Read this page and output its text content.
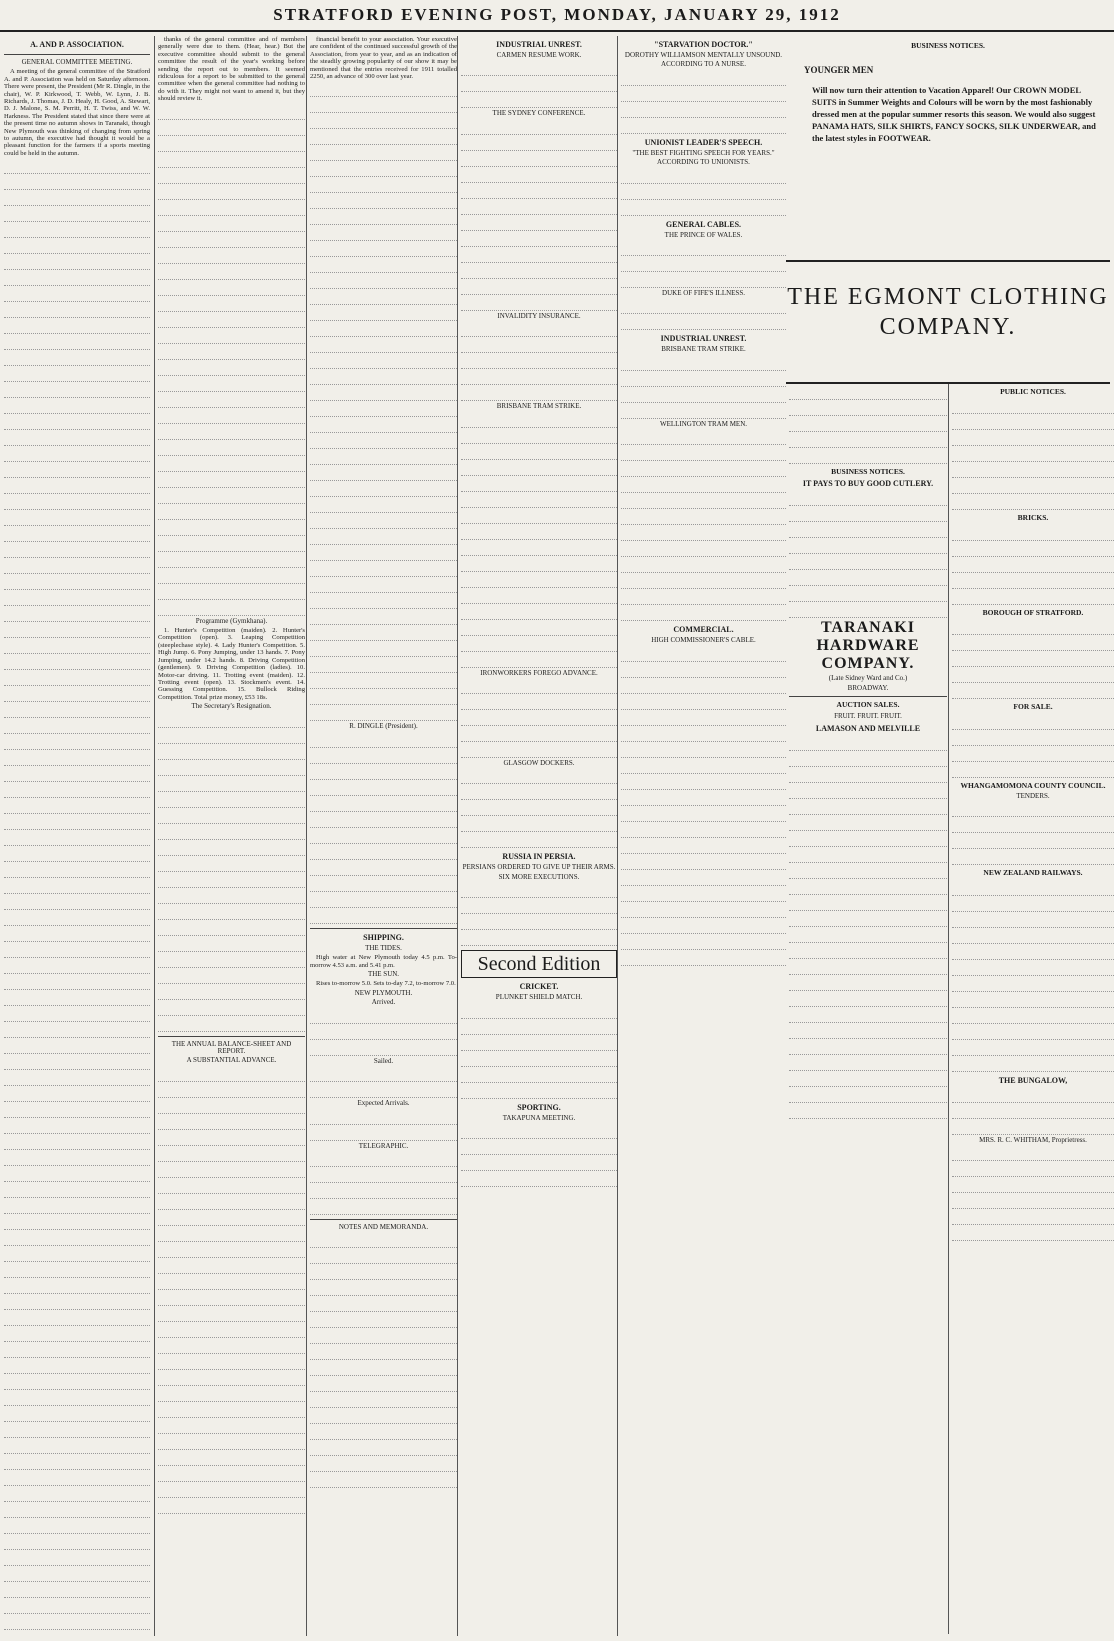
STRATFORD EVENING POST, MONDAY, JANUARY 29, 1912
A. AND P. ASSOCIATION.
GENERAL COMMITTEE MEETING.

A meeting of the general committee of the Stratford A. and P. Association was held on Saturday afternoon. There were present, the President (Mr R. Dingle, in the chair), W. P. Kirkwood, T. Webb, W. Lynn, J. B. Richards, J. Thomas, J. D. Healy, H. Good, A. Stewart, D. J. Malone, S. M. Perritt, H. T. Twiss, and W. W. Harkness. The President stated that since there were at the present time no autumn shows in Taranaki, though New Plymouth was thinking of changing from spring to autumn, the executive had thought it would be a pleasant function for the farmers if a sports meeting could be held in the autumn.

thanks of the general committee and of members generally were due to them. (Hear, hear.) But the executive committee should submit to the general committee the result of the year's working before sending the report out to members. It seemed ridiculous for a report to be submitted to the general committee when the general committee had nothing to do with it. They might not want to amend it, but they should review it.

Programme (Gymkhana).

1. Hunter's Competition (maiden). 2. Hunter's Competition (open). 3. Leaping Competition (steeplechase style). 4. Lady Hunter's Competition. 5. High Jump. 6. Pony Jumping, under 13 hands. 7. Pony Jumping, under 14.2 hands. 8. Driving Competition (gentlemen). 9. Driving Competition (ladies). 10. Motor-car driving. 11. Trotting event (maiden). 12. Trotting event (open). 13. Stockmen's event. 14. Guessing Competition. 15. Bullock Riding Competition. Total prize money, £53 18s.

The Secretary's Resignation.
THE ANNUAL BALANCE-SHEET AND REPORT.
A SUBSTANTIAL ADVANCE.

financial benefit to your association. Your executive are confident of the continued successful growth of the Association, from year to year, and as an indication of the steadily growing popularity of our show it may be mentioned that the entries received for 1911 totalled 2250, an advance of 300 over last year.

R. DINGLE (President).
SHIPPING.
THE TIDES.

High water at New Plymouth today 4.5 p.m. To-morrow 4.53 a.m. and 5.41 p.m.

THE SUN.

Rises to-morrow 5.0. Sets to-day 7.2, to-morrow 7.0.

NEW PLYMOUTH.
Arrived.
Sailed.
Expected Arrivals.
TELEGRAPHIC.
NOTES AND MEMORANDA.
INDUSTRIAL UNREST.
CARMEN RESUME WORK.
THE SYDNEY CONFERENCE.
INVALIDITY INSURANCE.
BRISBANE TRAM STRIKE.
IRONWORKERS FOREGO ADVANCE.
GLASGOW DOCKERS.
RUSSIA IN PERSIA.
PERSIANS ORDERED TO GIVE UP THEIR ARMS.
SIX MORE EXECUTIONS.
Second Edition
CRICKET.
PLUNKET SHIELD MATCH.
SPORTING.
TAKAPUNA MEETING.
"STARVATION DOCTOR."
DOROTHY WILLIAMSON MENTALLY UNSOUND.
ACCORDING TO A NURSE.
UNIONIST LEADER'S SPEECH.
"THE BEST FIGHTING SPEECH FOR YEARS."
ACCORDING TO UNIONISTS.
GENERAL CABLES.
THE PRINCE OF WALES.
DUKE OF FIFE'S ILLNESS.
INDUSTRIAL UNREST.
BRISBANE TRAM STRIKE.
WELLINGTON TRAM MEN.
COMMERCIAL.
HIGH COMMISSIONER'S CABLE.
BUSINESS NOTICES.
YOUNGER MEN
Will now turn their attention to Vacation Apparel! Our CROWN MODEL SUITS in Summer Weights and Colours will be worn by the most fashionably dressed men at the popular summer resorts this season. We would also suggest PANAMA HATS, SILK SHIRTS, FANCY SOCKS, SILK UNDERWEAR, and the latest styles in FOOTWEAR.
THE EGMONT CLOTHING COMPANY.
BUSINESS NOTICES.
IT PAYS TO BUY GOOD CUTLERY.
TARANAKI HARDWARE COMPANY.
(Late Sidney Ward and Co.)
BROADWAY.
AUCTION SALES.
FRUIT. FRUIT. FRUIT.
LAMASON AND MELVILLE
PUBLIC NOTICES.
BRICKS.
BOROUGH OF STRATFORD.
FOR SALE.
WHANGAMOMONA COUNTY COUNCIL.
TENDERS.
NEW ZEALAND RAILWAYS.
THE BUNGALOW,
MRS. R. C. WHITHAM, Proprietress.
